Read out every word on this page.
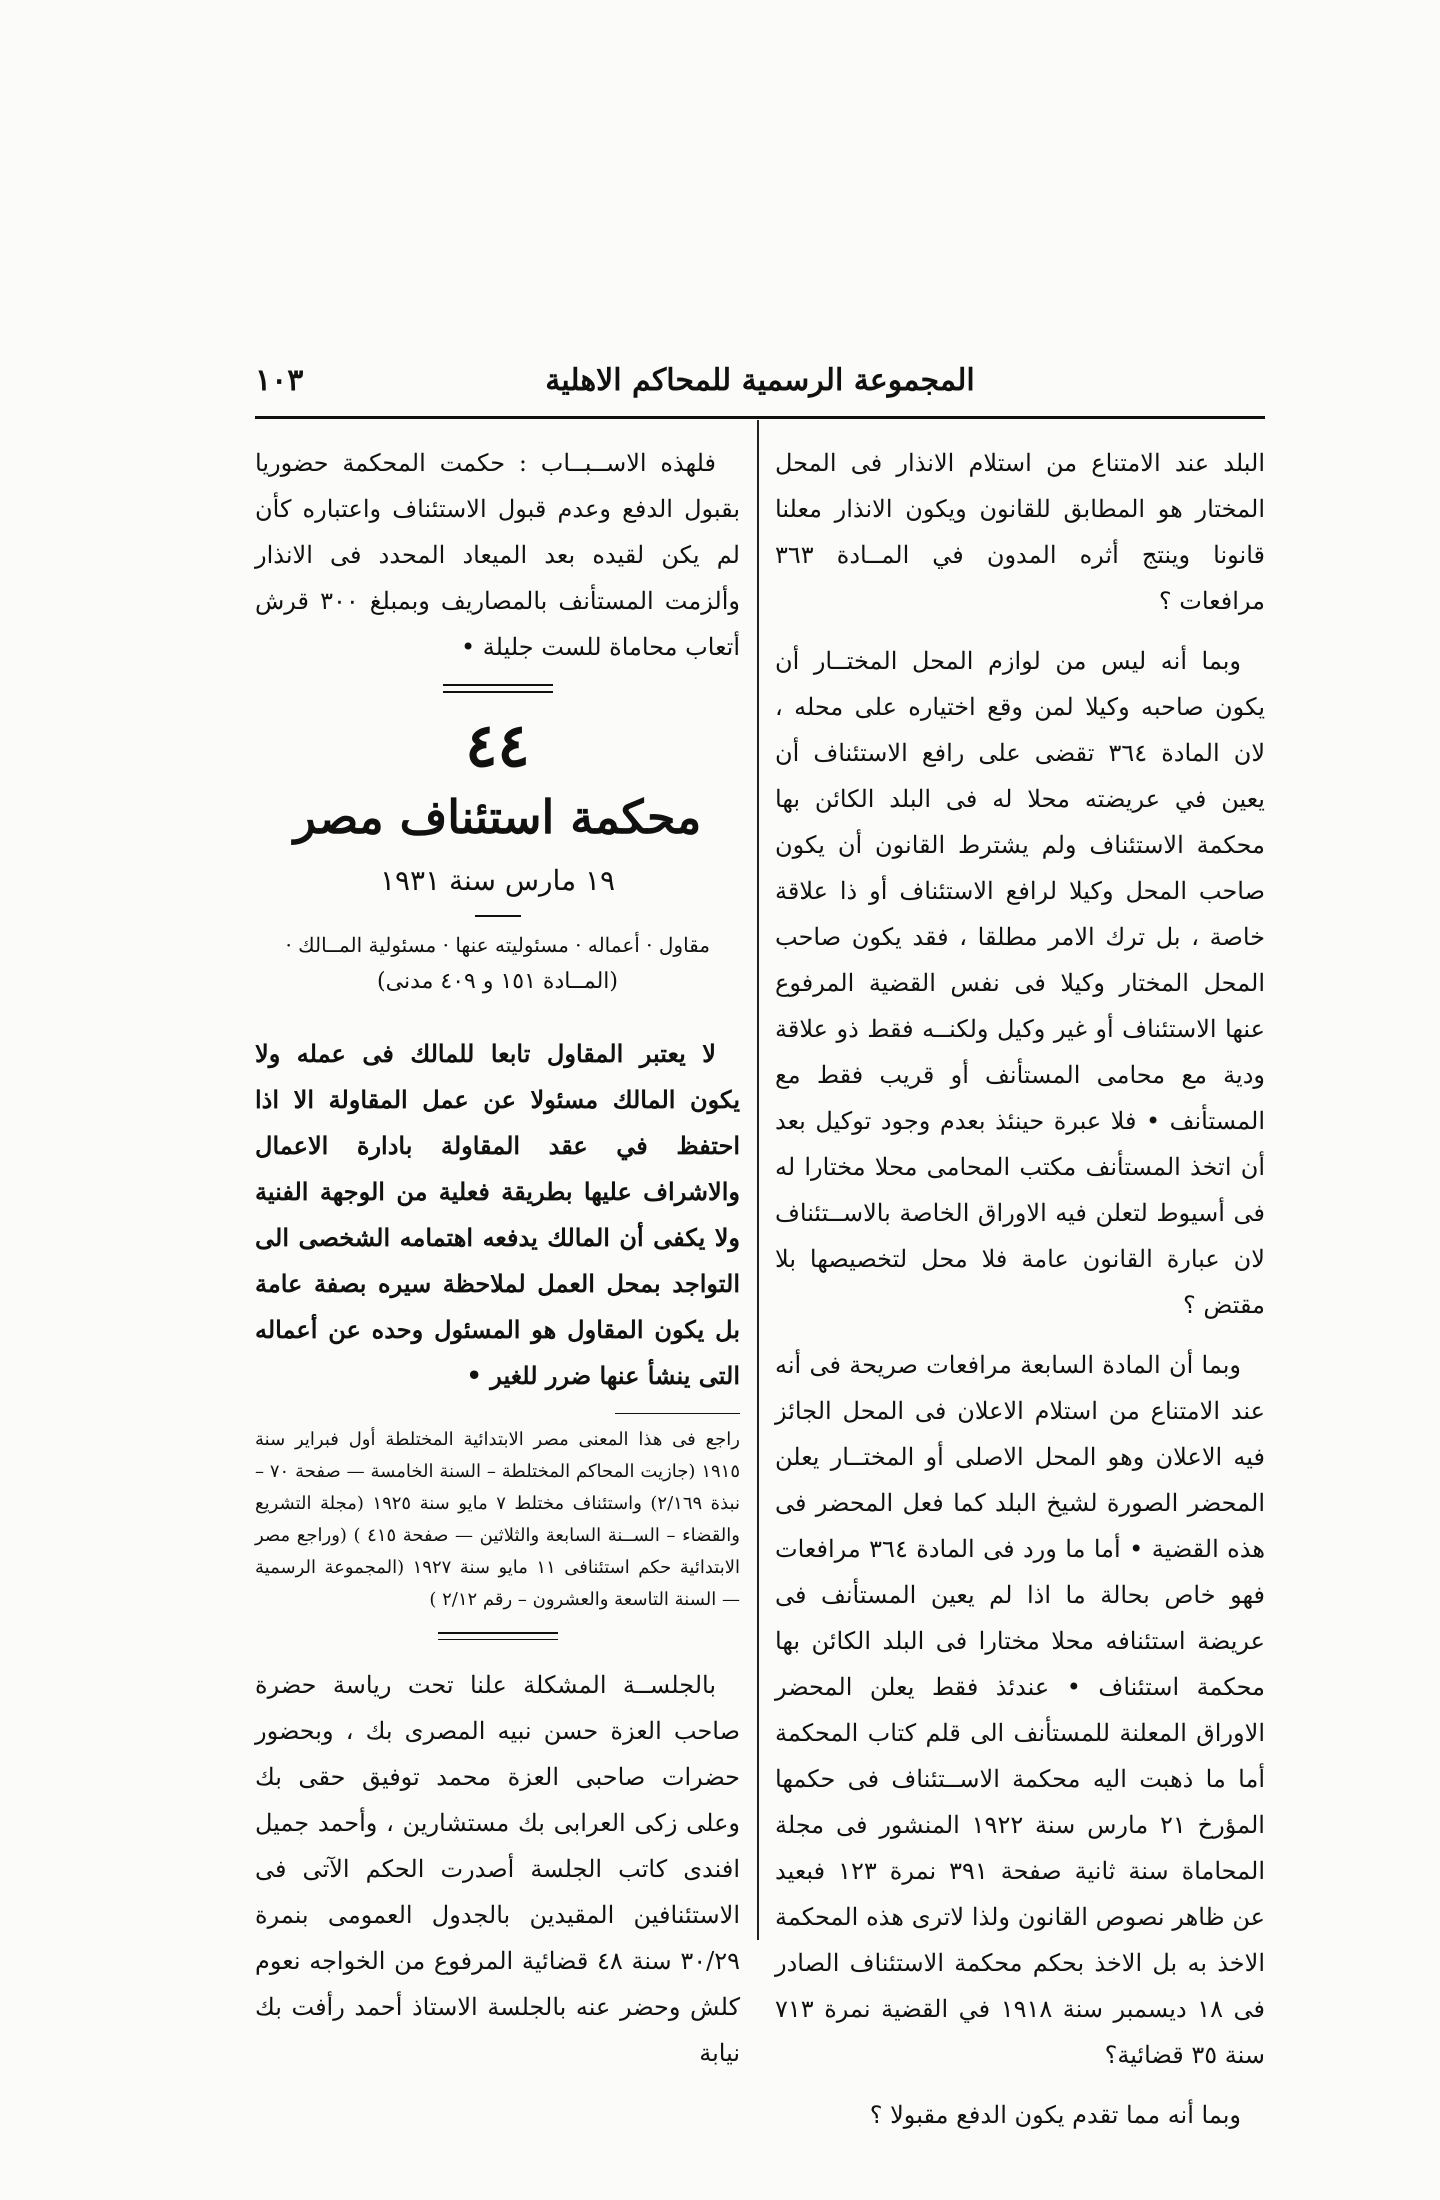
١٠٣	المجموعة الرسمية للمحاكم الاهلية

البلد عند الامتناع من استلام الانذار فى المحل المختار هو المطابق للقانون ويكون الانذار معلنا قانونا وينتج أثره المدون في المــادة ٣٦٣ مرافعات ؟

وبما أنه ليس من لوازم المحل المختــار أن يكون صاحبه وكيلا لمن وقع اختياره على محله ، لان المادة ٣٦٤ تقضى على رافع الاستئناف أن يعين في عريضته محلا له فى البلد الكائن بها محكمة الاستئناف ولم يشترط القانون أن يكون صاحب المحل وكيلا لرافع الاستئناف أو ذا علاقة خاصة ، بل ترك الامر مطلقا ، فقد يكون صاحب المحل المختار وكيلا فى نفس القضية المرفوع عنها الاستئناف أو غير وكيل ولكنــه فقط ذو علاقة ودية مع محامى المستأنف أو قريب فقط مع المستأنف • فلا عبرة حينئذ بعدم وجود توكيل بعد أن اتخذ المستأنف مكتب المحامى محلا مختارا له فى أسيوط لتعلن فيه الاوراق الخاصة بالاســتئناف لان عبارة القانون عامة فلا محل لتخصيصها بلا مقتض ؟

وبما أن المادة السابعة مرافعات صريحة فى أنه عند الامتناع من استلام الاعلان فى المحل الجائز فيه الاعلان وهو المحل الاصلى أو المختــار يعلن المحضر الصورة لشيخ البلد كما فعل المحضر فى هذه القضية • أما ما ورد فى المادة ٣٦٤ مرافعات فهو خاص بحالة ما اذا لم يعين المستأنف فى عريضة استئنافه محلا مختارا فى البلد الكائن بها محكمة استئناف • عندئذ فقط يعلن المحضر الاوراق المعلنة للمستأنف الى قلم كتاب المحكمة أما ما ذهبت اليه محكمة الاســتئناف فى حكمها المؤرخ ٢١ مارس سنة ١٩٢٢ المنشور فى مجلة المحاماة سنة ثانية صفحة ٣٩١ نمرة ١٢٣ فبعيد عن ظاهر نصوص القانون ولذا لاترى هذه المحكمة الاخذ به بل الاخذ بحكم محكمة الاستئناف الصادر فى ١٨ ديسمبر سنة ١٩١٨ في القضية نمرة ٧١٣ سنة ٣٥ قضائية؟

وبما أنه مما تقدم يكون الدفع مقبولا ؟

فلهذه الاســبــاب : حكمت المحكمة حضوريا بقبول الدفع وعدم قبول الاستئناف واعتباره كأن لم يكن لقيده بعد الميعاد المحدد فى الانذار وألزمت المستأنف بالمصاريف وبمبلغ ٣٠٠ قرش أتعاب محاماة للست جليلة •

٤٤
محكمة استئناف مصر
١٩ مارس سنة ١٩٣١
مقاول · أعماله · مسئوليته عنها · مسئولية المــالك ·
(المــادة ١٥١ و ٤٠٩ مدنى)

لا يعتبر المقاول تابعا للمالك فى عمله ولا يكون المالك مسئولا عن عمل المقاولة الا اذا احتفظ في عقد المقاولة بادارة الاعمال والاشراف عليها بطريقة فعلية من الوجهة الفنية ولا يكفى أن المالك يدفعه اهتمامه الشخصى الى التواجد بمحل العمل لملاحظة سيره بصفة عامة بل يكون المقاول هو المسئول وحده عن أعماله التى ينشأ عنها ضرر للغير •

راجع فى هذا المعنى مصر الابتدائية المختلطة أول فبراير سنة ١٩١٥ (جازيت المحاكم المختلطة – السنة الخامسة — صفحة ٧٠ – نبذة ٢/١٦٩) واستئناف مختلط ٧ مايو سنة ١٩٢٥ (مجلة التشريع والقضاء – الســنة السابعة والثلاثين — صفحة ٤١٥ ) (وراجع مصر الابتدائية حكم استئنافى ١١ مايو سنة ١٩٢٧ (المجموعة الرسمية — السنة التاسعة والعشرون – رقم ٢/١٢ )

بالجلســة المشكلة علنا تحت رياسة حضرة صاحب العزة حسن نبيه المصرى بك ، وبحضور حضرات صاحبى العزة محمد توفيق حقى بك وعلى زكى العرابى بك مستشارين ، وأحمد جميل افندى كاتب الجلسة أصدرت الحكم الآتى فى الاستئنافين المقيدين بالجدول العمومى بنمرة ٣٠/٢٩ سنة ٤٨ قضائية المرفوع من الخواجه نعوم كلش وحضر عنه بالجلسة الاستاذ أحمد رأفت بك نيابة
